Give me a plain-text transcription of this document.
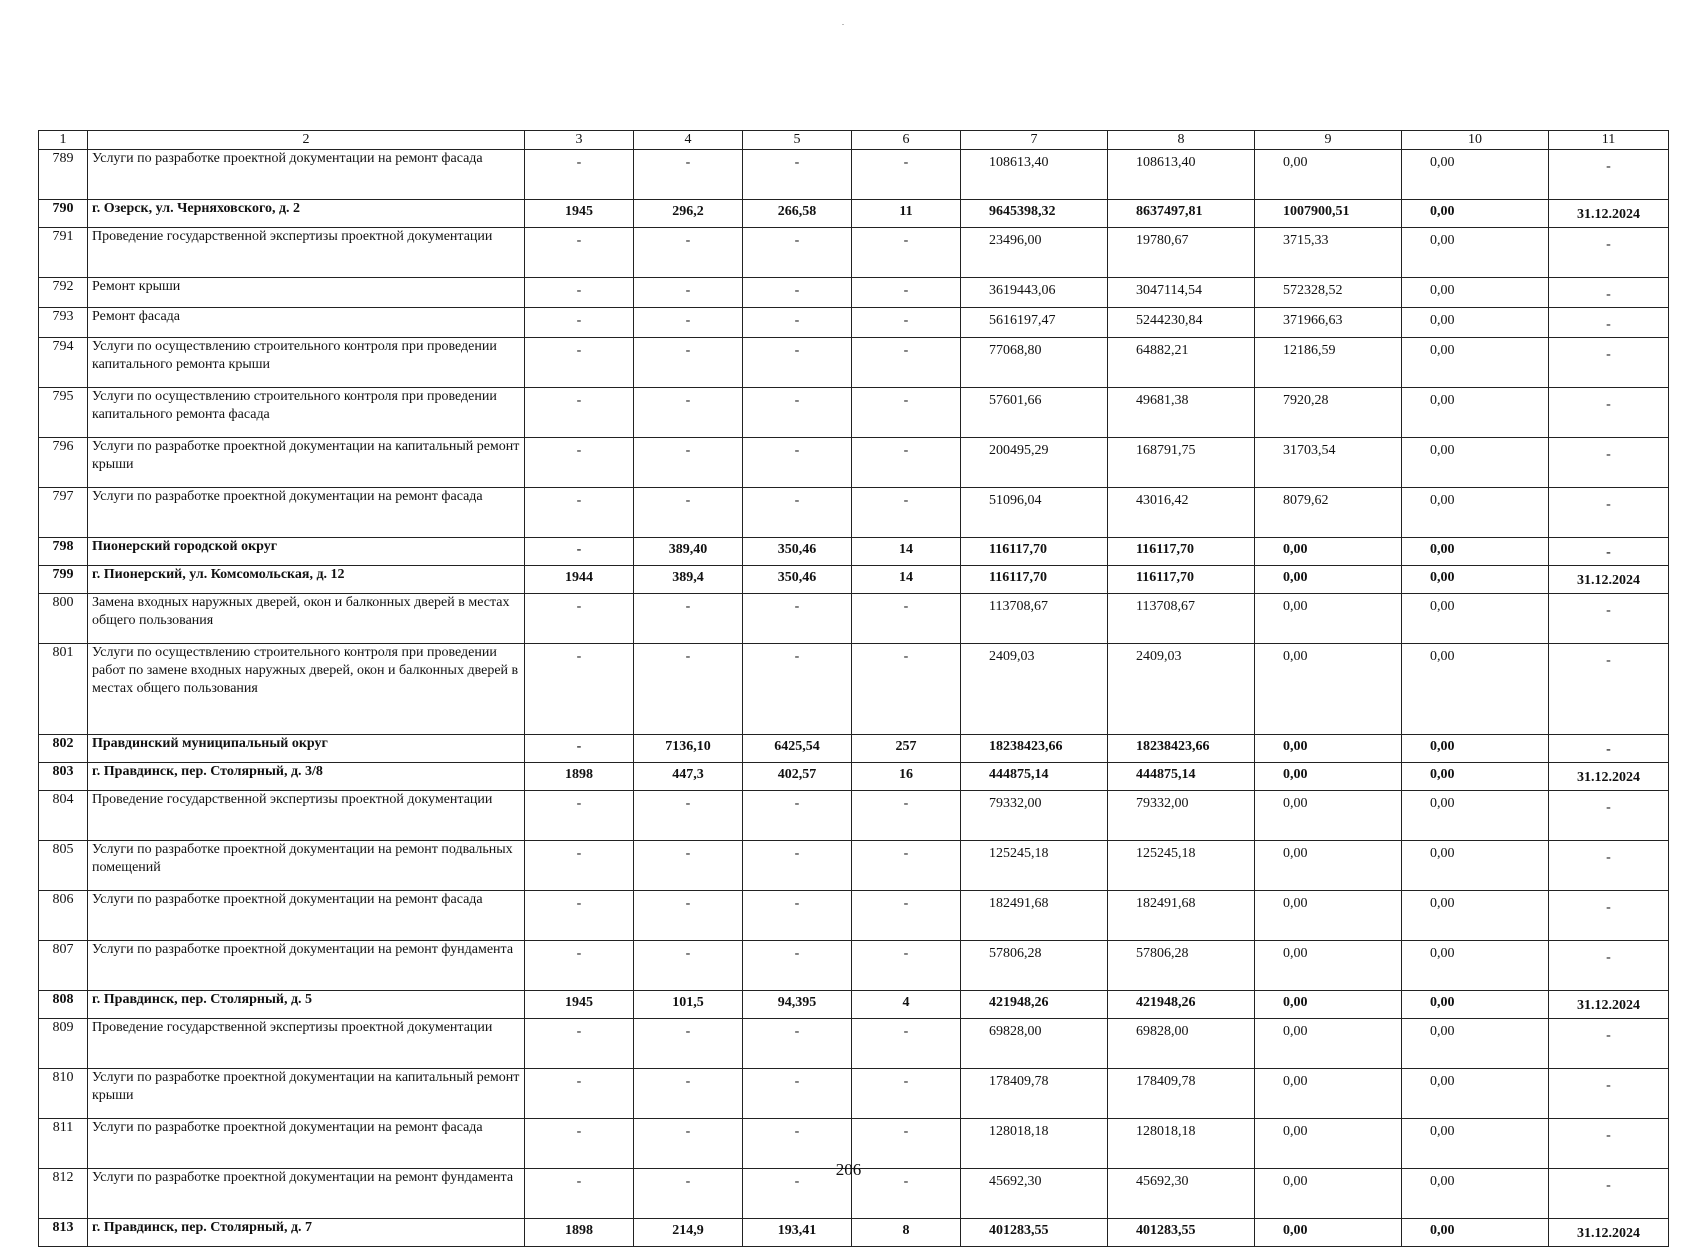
1	2	3	4	5	6	7	8	9	10	11
789	Услуги по разработке проектной документации на ремонт фасада	-	-	-	-	108613,40	108613,40	0,00	0,00	-
790	г. Озерск, ул. Черняховского, д. 2	1945	296,2	266,58	11	9645398,32	8637497,81	1007900,51	0,00	31.12.2024
791	Проведение государственной экспертизы проектной документации	-	-	-	-	23496,00	19780,67	3715,33	0,00	-
792	Ремонт крыши	-	-	-	-	3619443,06	3047114,54	572328,52	0,00	-
793	Ремонт фасада	-	-	-	-	5616197,47	5244230,84	371966,63	0,00	-
794	Услуги по осуществлению строительного контроля при проведении капитального ремонта крыши	-	-	-	-	77068,80	64882,21	12186,59	0,00	-
795	Услуги по осуществлению строительного контроля при проведении капитального ремонта фасада	-	-	-	-	57601,66	49681,38	7920,28	0,00	-
796	Услуги по разработке проектной документации на капитальный ремонт крыши	-	-	-	-	200495,29	168791,75	31703,54	0,00	-
797	Услуги по разработке проектной документации на ремонт фасада	-	-	-	-	51096,04	43016,42	8079,62	0,00	-
798	Пионерский городской округ	-	389,40	350,46	14	116117,70	116117,70	0,00	0,00	-
799	г. Пионерский, ул. Комсомольская, д. 12	1944	389,4	350,46	14	116117,70	116117,70	0,00	0,00	31.12.2024
800	Замена входных наружных дверей, окон и балконных дверей в местах общего пользования	-	-	-	-	113708,67	113708,67	0,00	0,00	-
801	Услуги по осуществлению строительного контроля при проведении работ по замене входных наружных дверей, окон и балконных дверей в местах общего пользования	-	-	-	-	2409,03	2409,03	0,00	0,00	-
802	Правдинский муниципальный округ	-	7136,10	6425,54	257	18238423,66	18238423,66	0,00	0,00	-
803	г. Правдинск, пер. Столярный, д. 3/8	1898	447,3	402,57	16	444875,14	444875,14	0,00	0,00	31.12.2024
804	Проведение государственной экспертизы проектной документации	-	-	-	-	79332,00	79332,00	0,00	0,00	-
805	Услуги по разработке проектной документации на ремонт подвальных помещений	-	-	-	-	125245,18	125245,18	0,00	0,00	-
806	Услуги по разработке проектной документации на ремонт фасада	-	-	-	-	182491,68	182491,68	0,00	0,00	-
807	Услуги по разработке проектной документации на ремонт фундамента	-	-	-	-	57806,28	57806,28	0,00	0,00	-
808	г. Правдинск, пер. Столярный, д. 5	1945	101,5	94,395	4	421948,26	421948,26	0,00	0,00	31.12.2024
809	Проведение государственной экспертизы проектной документации	-	-	-	-	69828,00	69828,00	0,00	0,00	-
810	Услуги по разработке проектной документации на капитальный ремонт крыши	-	-	-	-	178409,78	178409,78	0,00	0,00	-
811	Услуги по разработке проектной документации на ремонт фасада	-	-	-	-	128018,18	128018,18	0,00	0,00	-
812	Услуги по разработке проектной документации на ремонт фундамента	-	-	-	-	45692,30	45692,30	0,00	0,00	-
813	г. Правдинск, пер. Столярный, д. 7	1898	214,9	193,41	8	401283,55	401283,55	0,00	0,00	31.12.2024
206
